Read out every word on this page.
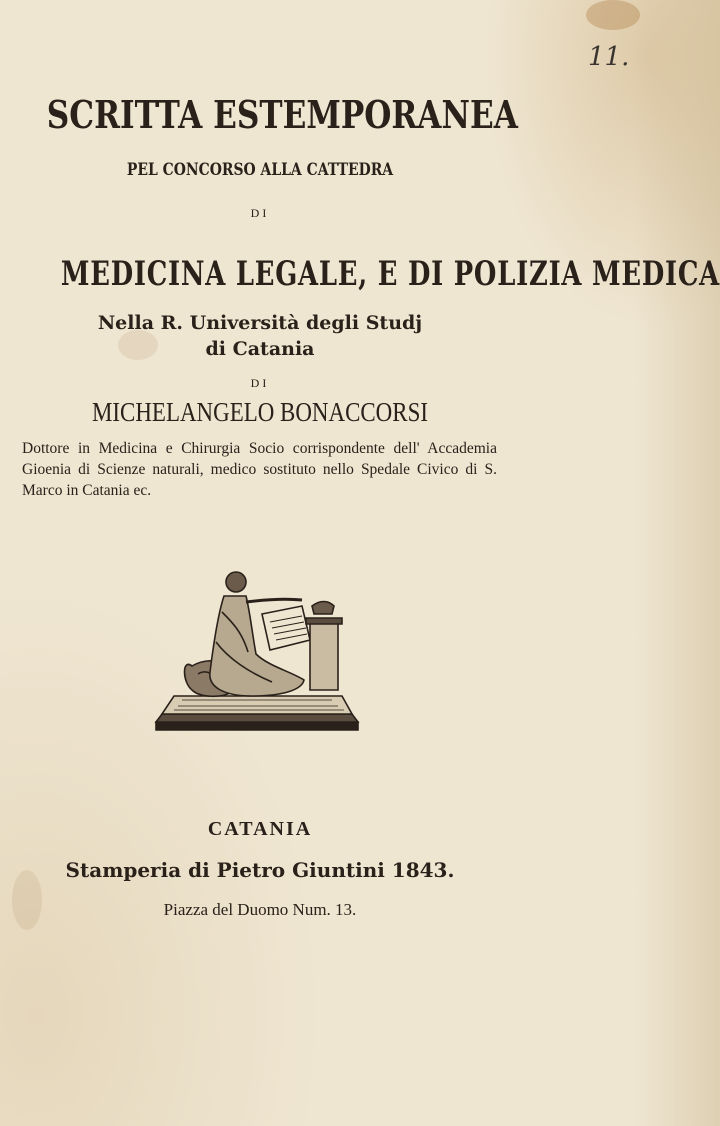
11.
SCRITTA ESTEMPORANEA
PEL CONCORSO ALLA CATTEDRA
DI
MEDICINA LEGALE, E DI POLIZIA MEDICA
Nella R. Università degli Studj
di Catania
DI
MICHELANGELO BONACCORSI
Dottore in Medicina e Chirurgia Socio corrispondente dell' Accademia Gioenia di Scienze naturali, medico sostituto nello Spedale Civico di S. Marco in Catania ec.
CATANIA
Stamperia di Pietro Giuntini 1843.
Piazza del Duomo Num. 13.
